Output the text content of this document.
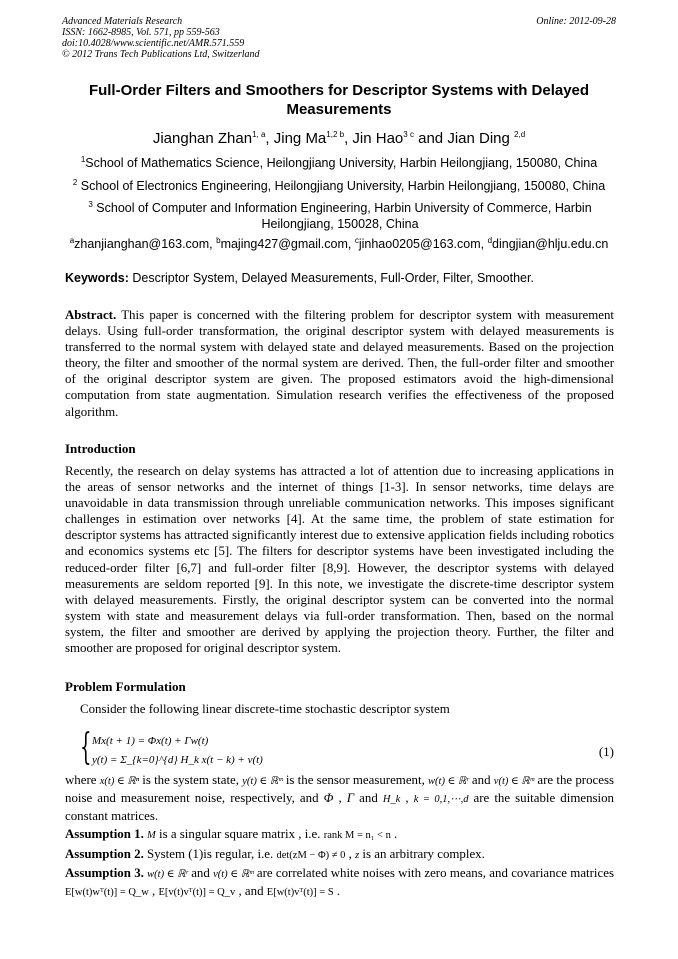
Advanced Materials Research
ISSN: 1662-8985, Vol. 571, pp 559-563
doi:10.4028/www.scientific.net/AMR.571.559
© 2012 Trans Tech Publications Ltd, Switzerland
Online: 2012-09-28
Full-Order Filters and Smoothers for Descriptor Systems with Delayed Measurements
Jianghan Zhan$^{1, a}$, Jing $Ma^{1,2 b}$, Jin Hao$^{3 c}$ and Jian Ding $^{2,d}$
$^1$School of Mathematics Science, Heilongjiang University, Harbin Heilongjiang, 150080, China
$^2$ School of Electronics Engineering, Heilongjiang University, Harbin Heilongjiang, 150080, China
$^3$ School of Computer and Information Engineering, Harbin University of Commerce, Harbin Heilongjiang, 150028, China
$^a$zhanjianghan@163.com, $^b$majing427@gmail.com, $^c$jinhao0205@163.com, $^d$dingjian@hlju.edu.cn
Keywords: Descriptor System, Delayed Measurements, Full-Order, Filter, Smoother.
Abstract. This paper is concerned with the filtering problem for descriptor system with measurement delays. Using full-order transformation, the original descriptor system with delayed measurements is transferred to the normal system with delayed state and delayed measurements. Based on the projection theory, the filter and smoother of the normal system are derived. Then, the full-order filter and smoother of the original descriptor system are given. The proposed estimators avoid the high-dimensional computation from state augmentation. Simulation research verifies the effectiveness of the proposed algorithm.
Introduction
Recently, the research on delay systems has attracted a lot of attention due to increasing applications in the areas of sensor networks and the internet of things [1-3]. In sensor networks, time delays are unavoidable in data transmission through unreliable communication networks. This imposes significant challenges in estimation over networks [4]. At the same time, the problem of state estimation for descriptor systems has attracted significantly interest due to extensive application fields including robotics and economics systems etc [5]. The filters for descriptor systems have been investigated including the reduced-order filter [6,7] and full-order filter [8,9]. However, the descriptor systems with delayed measurements are seldom reported [9]. In this note, we investigate the discrete-time descriptor system with delayed measurements. Firstly, the original descriptor system can be converted into the normal system with state and measurement delays via full-order transformation. Then, based on the normal system, the filter and smoother are derived by applying the projection theory. Further, the filter and smoother are proposed for original descriptor system.
Problem Formulation
Consider the following linear discrete-time stochastic descriptor system
{ Mx(t + 1) = Φx(t) + Γw(t)
y(t) = Σ_{k=0}^{d} H_k x(t − k) + v(t)
(1)
where x(t) ∈ ℝⁿ is the system state, y(t) ∈ ℝᵐ is the sensor measurement, w(t) ∈ ℝʳ and v(t) ∈ ℝᵐ are the process noise and measurement noise, respectively, and Φ , Γ and H_k , k = 0,1,⋯,d are the suitable dimension constant matrices.
Assumption 1. M is a singular square matrix , i.e. rank M = n₁ < n .
Assumption 2. System (1)is regular, i.e. det(zM − Φ) ≠ 0 , z is an arbitrary complex.
Assumption 3. w(t) ∈ ℝʳ and v(t) ∈ ℝᵐ are correlated white noises with zero means, and covariance matrices E[w(t)wᵀ(t)] = Q_w , E[v(t)vᵀ(t)] = Q_v , and E[w(t)vᵀ(t)] = S .
